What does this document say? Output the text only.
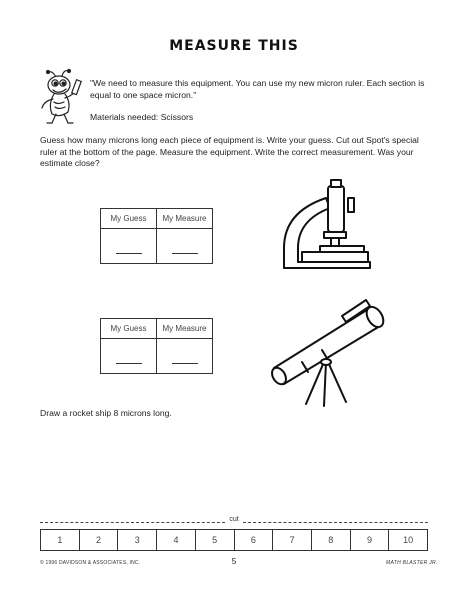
MEASURE THIS
"We need to measure this equipment. You can use my new micron ruler. Each section is equal to one space micron."
Materials needed: Scissors
Guess how many microns long each piece of equipment is. Write your guess. Cut out Spot's special ruler at the bottom of the page. Measure the equipment. Write the correct measurement. Was your estimate close?
My Guess	My Measure

My Guess	My Measure

Draw a rocket ship 8 microns long.
cut
1	2	3	4	5	6	7	8	9	10
© 1996 DAVIDSON & ASSOCIATES, INC.	5	MATH BLASTER JR.
